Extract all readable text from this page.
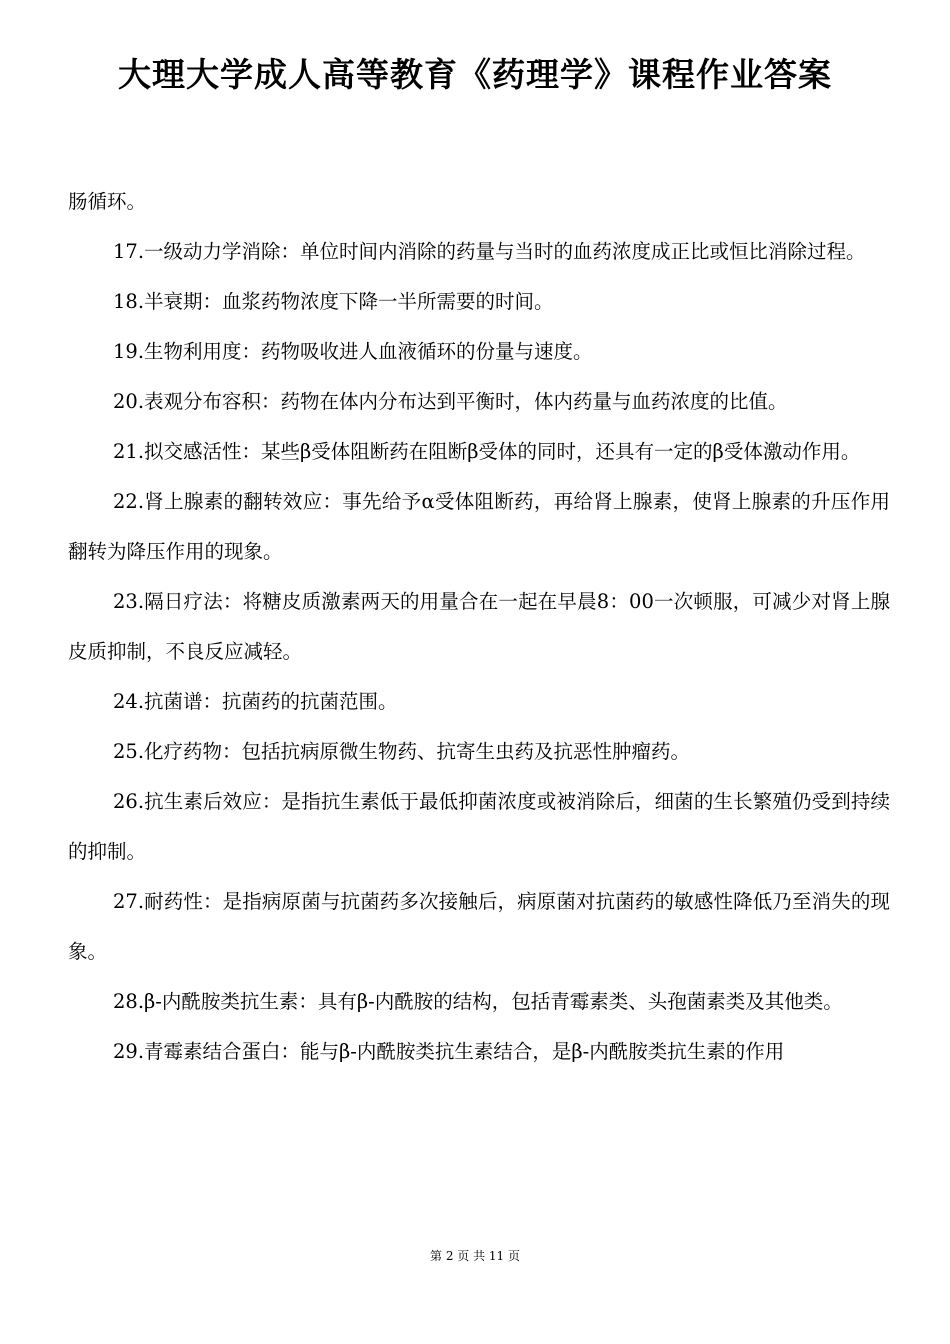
大理大学成人高等教育《药理学》课程作业答案

肠循环。

17.一级动力学消除：单位时间内消除的药量与当时的血药浓度成正比或恒比消除过程。

18.半衰期：血浆药物浓度下降一半所需要的时间。

19.生物利用度：药物吸收进人血液循环的份量与速度。

20.表观分布容积：药物在体内分布达到平衡时，体内药量与血药浓度的比值。

21.拟交感活性：某些β受体阻断药在阻断β受体的同时，还具有一定的β受体激动作用。

22.肾上腺素的翻转效应：事先给予α受体阻断药，再给肾上腺素，使肾上腺素的升压作用翻转为降压作用的现象。

23.隔日疗法：将糖皮质激素两天的用量合在一起在早晨8：00一次顿服，可减少对肾上腺皮质抑制，不良反应减轻。

24.抗菌谱：抗菌药的抗菌范围。

25.化疗药物：包括抗病原微生物药、抗寄生虫药及抗恶性肿瘤药。

26.抗生素后效应：是指抗生素低于最低抑菌浓度或被消除后，细菌的生长繁殖仍受到持续的抑制。

27.耐药性：是指病原菌与抗菌药多次接触后，病原菌对抗菌药的敏感性降低乃至消失的现象。

28.β-内酰胺类抗生素：具有β-内酰胺的结构，包括青霉素类、头孢菌素类及其他类。

29.青霉素结合蛋白：能与β-内酰胺类抗生素结合，是β-内酰胺类抗生素的作用

第 2 页 共 11 页
